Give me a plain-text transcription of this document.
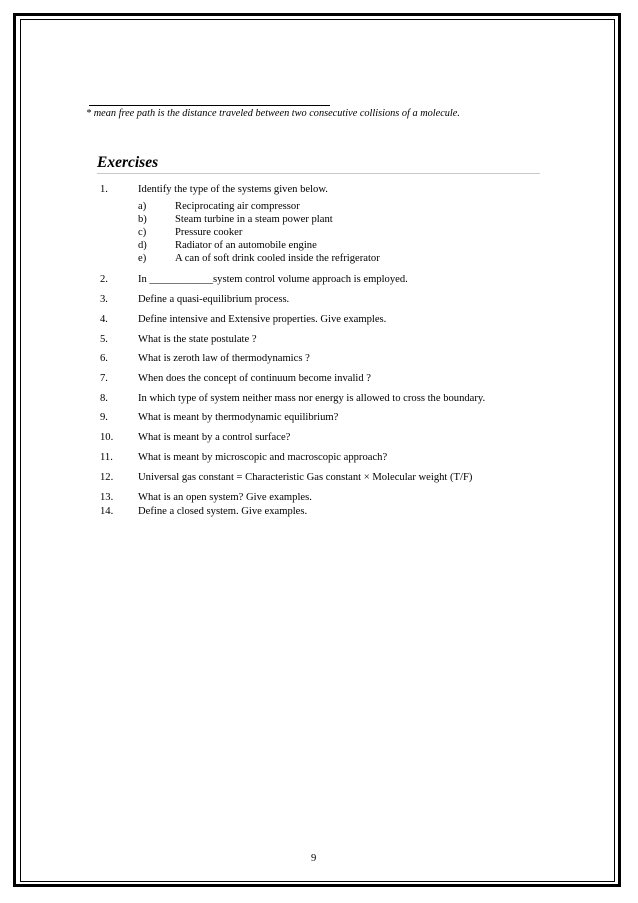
* mean free path is the distance traveled between two consecutive collisions of a molecule.
Exercises
1.	Identify the type of the systems given below.
a)	Reciprocating air compressor
b)	Steam turbine in a steam power plant
c)	Pressure cooker
d)	Radiator of an automobile engine
e)	A can of soft drink cooled inside the refrigerator
2.	In ____________system control volume approach is employed.
3.	Define a quasi-equilibrium process.
4.	Define intensive and Extensive properties. Give examples.
5.	What is the state postulate ?
6.	What is zeroth law of thermodynamics ?
7.	When does the concept of continuum become invalid ?
8.	In which type of system neither mass nor energy is allowed to cross the boundary.
9.	What is meant by thermodynamic equilibrium?
10. What is meant by a control surface?
11. What is meant by microscopic and macroscopic approach?
12. Universal gas constant = Characteristic Gas constant × Molecular weight (T/F)
13. What is an open system? Give examples.
14. Define a closed system. Give examples.
9
